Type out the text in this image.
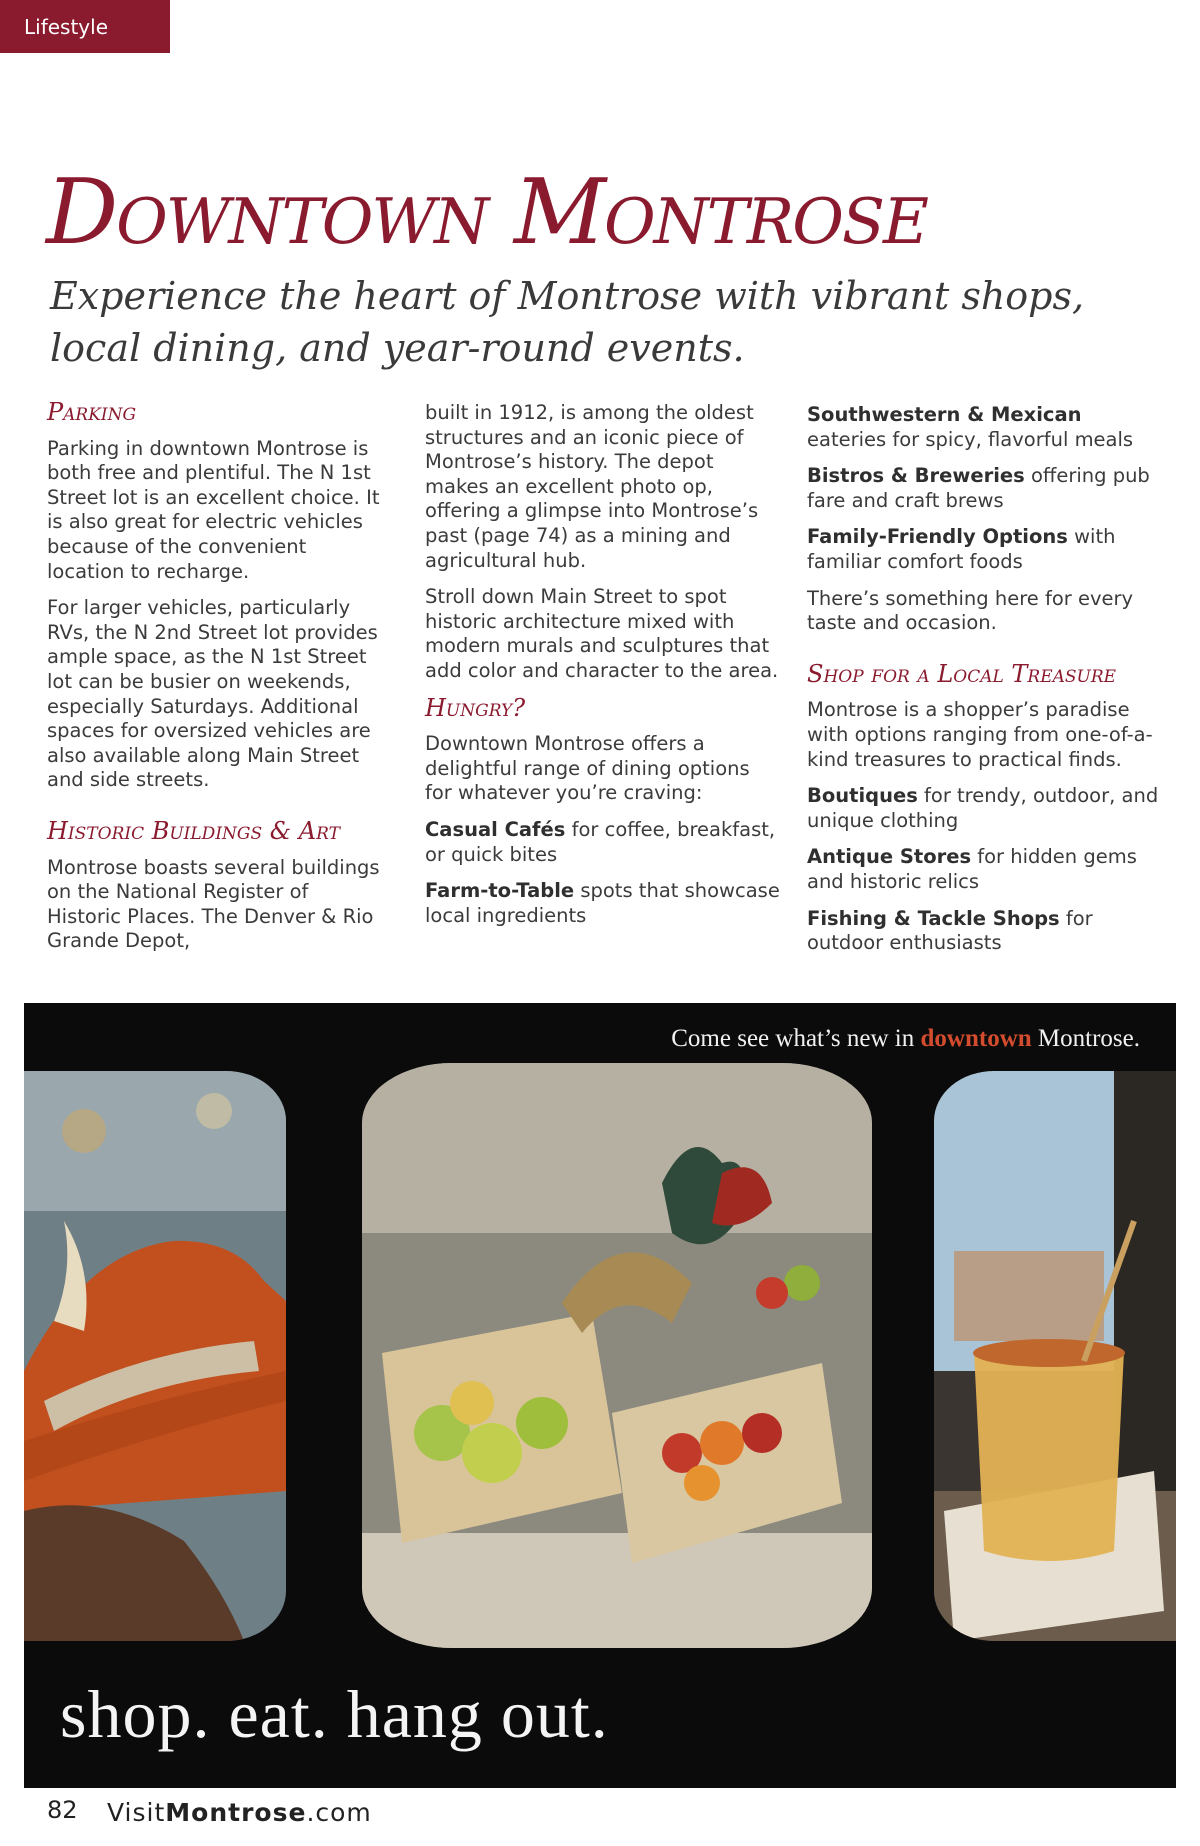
Lifestyle
Downtown Montrose

Experience the heart of Montrose with vibrant shops, local dining, and year-round events.

Parking

Parking in downtown Montrose is both free and plentiful. The N 1st Street lot is an excellent choice. It is also great for electric vehicles because of the convenient location to recharge.

For larger vehicles, particularly RVs, the N 2nd Street lot provides ample space, as the N 1st Street lot can be busier on weekends, especially Saturdays. Additional spaces for oversized vehicles are also available along Main Street and side streets.

Historic Buildings & Art

Montrose boasts several buildings on the National Register of Historic Places. The Denver & Rio Grande Depot,

built in 1912, is among the oldest structures and an iconic piece of Montrose’s history. The depot makes an excellent photo op, offering a glimpse into Montrose’s past (page 74) as a mining and agricultural hub.

Stroll down Main Street to spot historic architecture mixed with modern murals and sculptures that add color and character to the area.

Hungry?

Downtown Montrose offers a delightful range of dining options for whatever you’re craving:

Casual Cafés for coffee, breakfast, or quick bites

Farm-to-Table spots that showcase local ingredients

Southwestern & Mexican eateries for spicy, flavorful meals

Bistros & Breweries offering pub fare and craft brews

Family-Friendly Options with familiar comfort foods

There’s something here for every taste and occasion.

Shop for a Local Treasure

Montrose is a shopper’s paradise with options ranging from one-of-a-kind treasures to practical finds.

Boutiques for trendy, outdoor, and unique clothing

Antique Stores for hidden gems and historic relics

Fishing & Tackle Shops for outdoor enthusiasts

Come see what’s new in downtown Montrose.

shop. eat. hang out.

82 VisitMontrose.com
